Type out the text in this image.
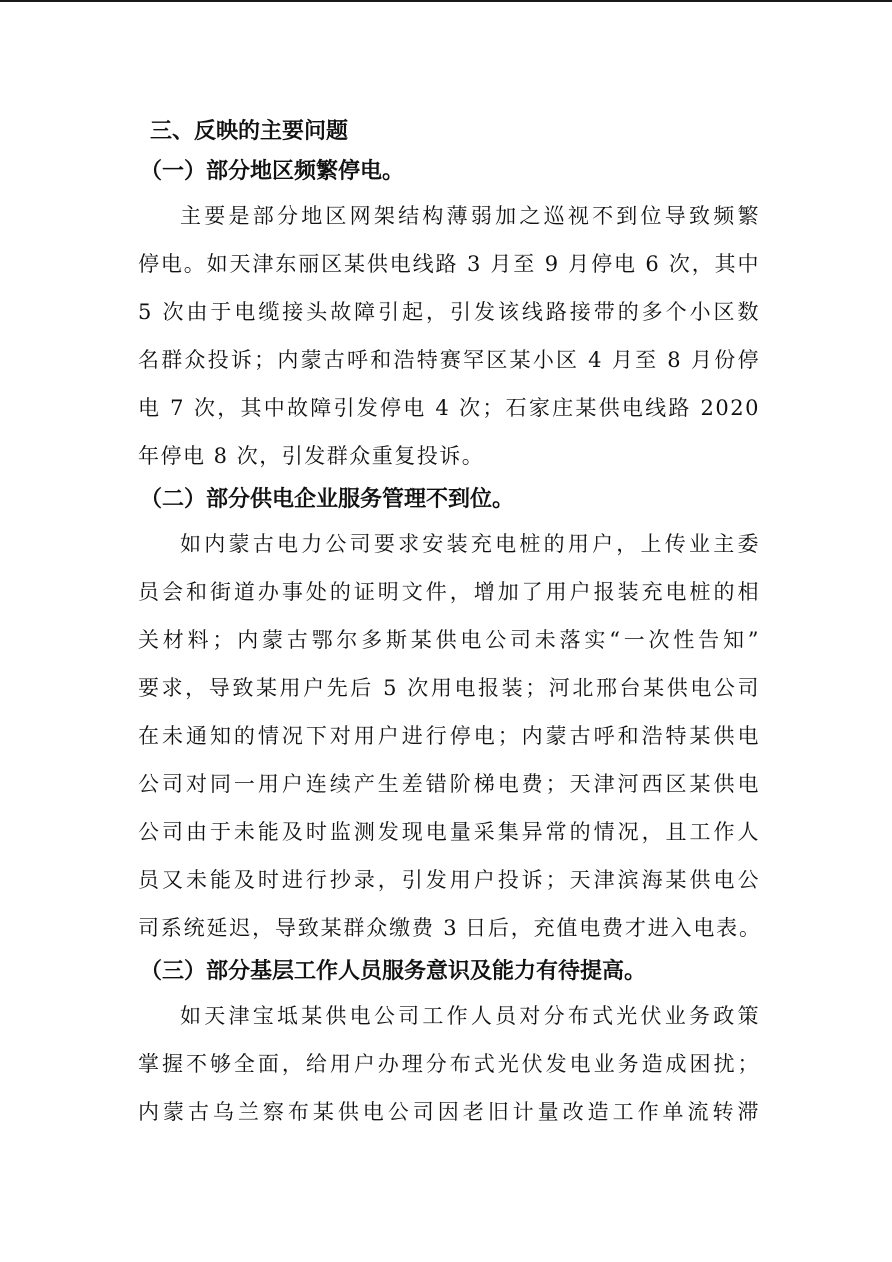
三、反映的主要问题
（一）部分地区频繁停电。

主要是部分地区网架结构薄弱加之巡视不到位导致频繁
停电。如天津东丽区某供电线路 3 月至 9 月停电 6 次，其中
5 次由于电缆接头故障引起，引发该线路接带的多个小区数
名群众投诉；内蒙古呼和浩特赛罕区某小区 4 月至 8 月份停
电 7 次，其中故障引发停电 4 次；石家庄某供电线路 2020
年停电 8 次，引发群众重复投诉。

（二）部分供电企业服务管理不到位。

如内蒙古电力公司要求安装充电桩的用户，上传业主委
员会和街道办事处的证明文件，增加了用户报装充电桩的相
关材料；内蒙古鄂尔多斯某供电公司未落实“一次性告知”
要求，导致某用户先后 5 次用电报装；河北邢台某供电公司
在未通知的情况下对用户进行停电；内蒙古呼和浩特某供电
公司对同一用户连续产生差错阶梯电费；天津河西区某供电
公司由于未能及时监测发现电量采集异常的情况，且工作人
员又未能及时进行抄录，引发用户投诉；天津滨海某供电公
司系统延迟，导致某群众缴费 3 日后，充值电费才进入电表。

（三）部分基层工作人员服务意识及能力有待提高。

如天津宝坻某供电公司工作人员对分布式光伏业务政策
掌握不够全面，给用户办理分布式光伏发电业务造成困扰；
内蒙古乌兰察布某供电公司因老旧计量改造工作单流转滞
